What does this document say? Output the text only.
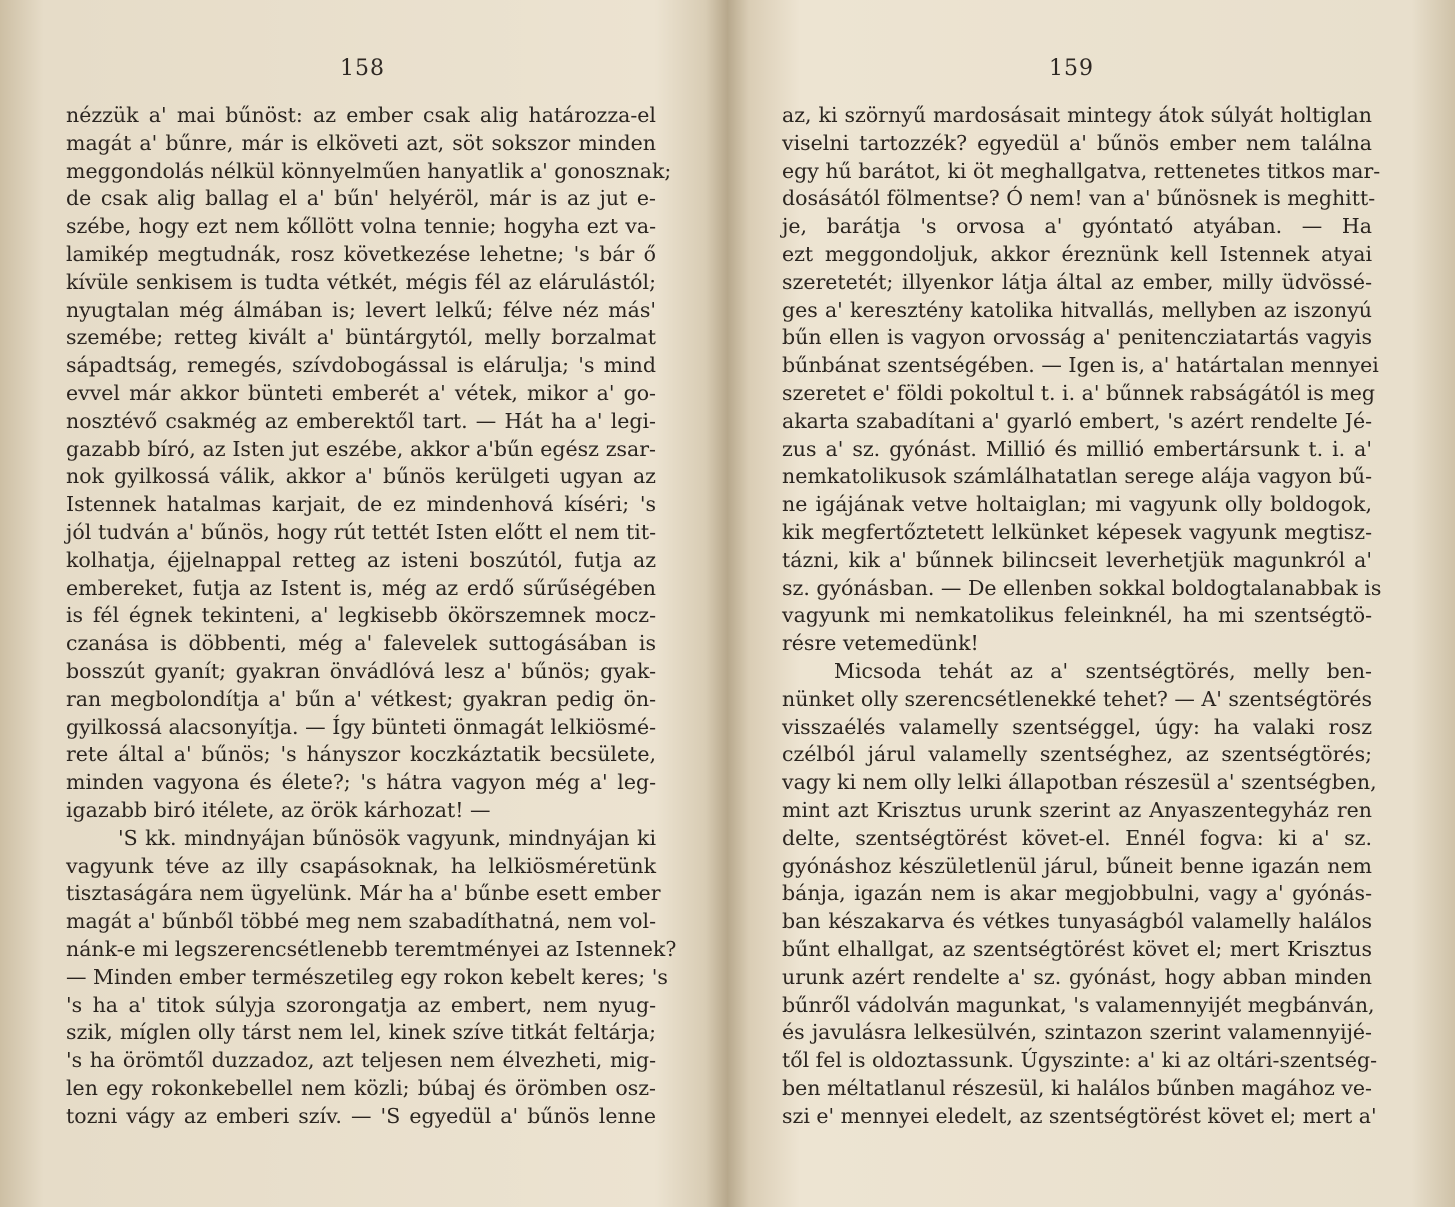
158
nézzük a' mai bűnöst: az ember csak alig határozza-el
magát a' bűnre, már is elköveti azt, söt sokszor minden
meggondolás nélkül könnyelműen hanyatlik a' gonosznak;
de csak alig ballag el a' bűn' helyéröl, már is az jut e-
szébe, hogy ezt nem kőllött volna tennie; hogyha ezt va-
lamikép megtudnák, rosz következése lehetne; 's bár ő
kívüle senkisem is tudta vétkét, mégis fél az elárulástól;
nyugtalan még álmában is; levert lelkű; félve néz más'
szemébe; retteg kivált a' büntárgytól, melly borzalmat
sápadtság, remegés, szívdobogással is elárulja; 's mind
evvel már akkor bünteti emberét a' vétek, mikor a' go-
nosztévő csakmég az emberektől tart. — Hát ha a' legi-
gazabb bíró, az Isten jut eszébe, akkor a'bűn egész zsar-
nok gyilkossá válik, akkor a' bűnös kerülgeti ugyan az
Istennek hatalmas karjait, de ez mindenhová kíséri; 's
jól tudván a' bűnös, hogy rút tettét Isten előtt el nem tit-
kolhatja, éjjelnappal retteg az isteni boszútól, futja az
embereket, futja az Istent is, még az erdő sűrűségében
is fél égnek tekinteni, a' legkisebb ökörszemnek mocz-
czanása is döbbenti, még a' falevelek suttogásában is
bosszút gyanít; gyakran önvádlóvá lesz a' bűnös; gyak-
ran megbolondítja a' bűn a' vétkest; gyakran pedig ön-
gyilkossá alacsonyítja. — Így bünteti önmagát lelkiösmé-
rete által a' bűnös; 's hányszor koczkáztatik becsülete,
minden vagyona és élete?; 's hátra vagyon még a' leg-
igazabb biró itélete, az örök kárhozat! —
'S kk. mindnyájan bűnösök vagyunk, mindnyájan ki
vagyunk téve az illy csapásoknak, ha lelkiösméretünk
tisztaságára nem ügyelünk. Már ha a' bűnbe esett ember
magát a' bűnből többé meg nem szabadíthatná, nem vol-
nánk-e mi legszerencsétlenebb teremtményei az Istennek?
— Minden ember természetileg egy rokon kebelt keres; 's
's ha a' titok súlyja szorongatja az embert, nem nyug-
szik, míglen olly társt nem lel, kinek szíve titkát feltárja;
's ha örömtől duzzadoz, azt teljesen nem élvezheti, mig-
len egy rokonkebellel nem közli; búbaj és örömben osz-
tozni vágy az emberi szív. — 'S egyedül a' bűnös lenne
159
az, ki szörnyű mardosásait mintegy átok súlyát holtiglan
viselni tartozzék? egyedül a' bűnös ember nem találna
egy hű barátot, ki öt meghallgatva, rettenetes titkos mar-
dosásától fölmentse? Ó nem! van a' bűnösnek is meghitt-
je, barátja 's orvosa a' gyóntató atyában. — Ha
ezt meggondoljuk, akkor éreznünk kell Istennek atyai
szeretetét; illyenkor látja által az ember, milly üdvössé-
ges a' keresztény katolika hitvallás, mellyben az iszonyú
bűn ellen is vagyon orvosság a' penitencziatartás vagyis
bűnbánat szentségében. — Igen is, a' határtalan mennyei
szeretet e' földi pokoltul t. i. a' bűnnek rabságától is meg
akarta szabadítani a' gyarló embert, 's azért rendelte Jé-
zus a' sz. gyónást. Millió és millió embertársunk t. i. a'
nemkatolikusok számlálhatatlan serege alája vagyon bű-
ne igájának vetve holtaiglan; mi vagyunk olly boldogok,
kik megfertőztetett lelkünket képesek vagyunk megtisz-
tázni, kik a' bűnnek bilincseit leverhetjük magunkról a'
sz. gyónásban. — De ellenben sokkal boldogtalanabbak is
vagyunk mi nemkatolikus feleinknél, ha mi szentségtö-
résre vetemedünk!
Micsoda tehát az a' szentségtörés, melly ben-
nünket olly szerencsétlenekké tehet? — A' szentségtörés
visszaélés valamelly szentséggel, úgy: ha valaki rosz
czélból járul valamelly szentséghez, az szentségtörés;
vagy ki nem olly lelki állapotban részesül a' szentségben,
mint azt Krisztus urunk szerint az Anyaszentegyház ren
delte, szentségtörést követ-el. Ennél fogva: ki a' sz.
gyónáshoz készületlenül járul, bűneit benne igazán nem
bánja, igazán nem is akar megjobbulni, vagy a' gyónás-
ban készakarva és vétkes tunyaságból valamelly halálos
bűnt elhallgat, az szentségtörést követ el; mert Krisztus
urunk azért rendelte a' sz. gyónást, hogy abban minden
bűnről vádolván magunkat, 's valamennyijét megbánván,
és javulásra lelkesülvén, szintazon szerint valamennyijé-
től fel is oldoztassunk. Úgyszinte: a' ki az oltári-szentség-
ben méltatlanul részesül, ki halálos bűnben magához ve-
szi e' mennyei eledelt, az szentségtörést követ el; mert a'
